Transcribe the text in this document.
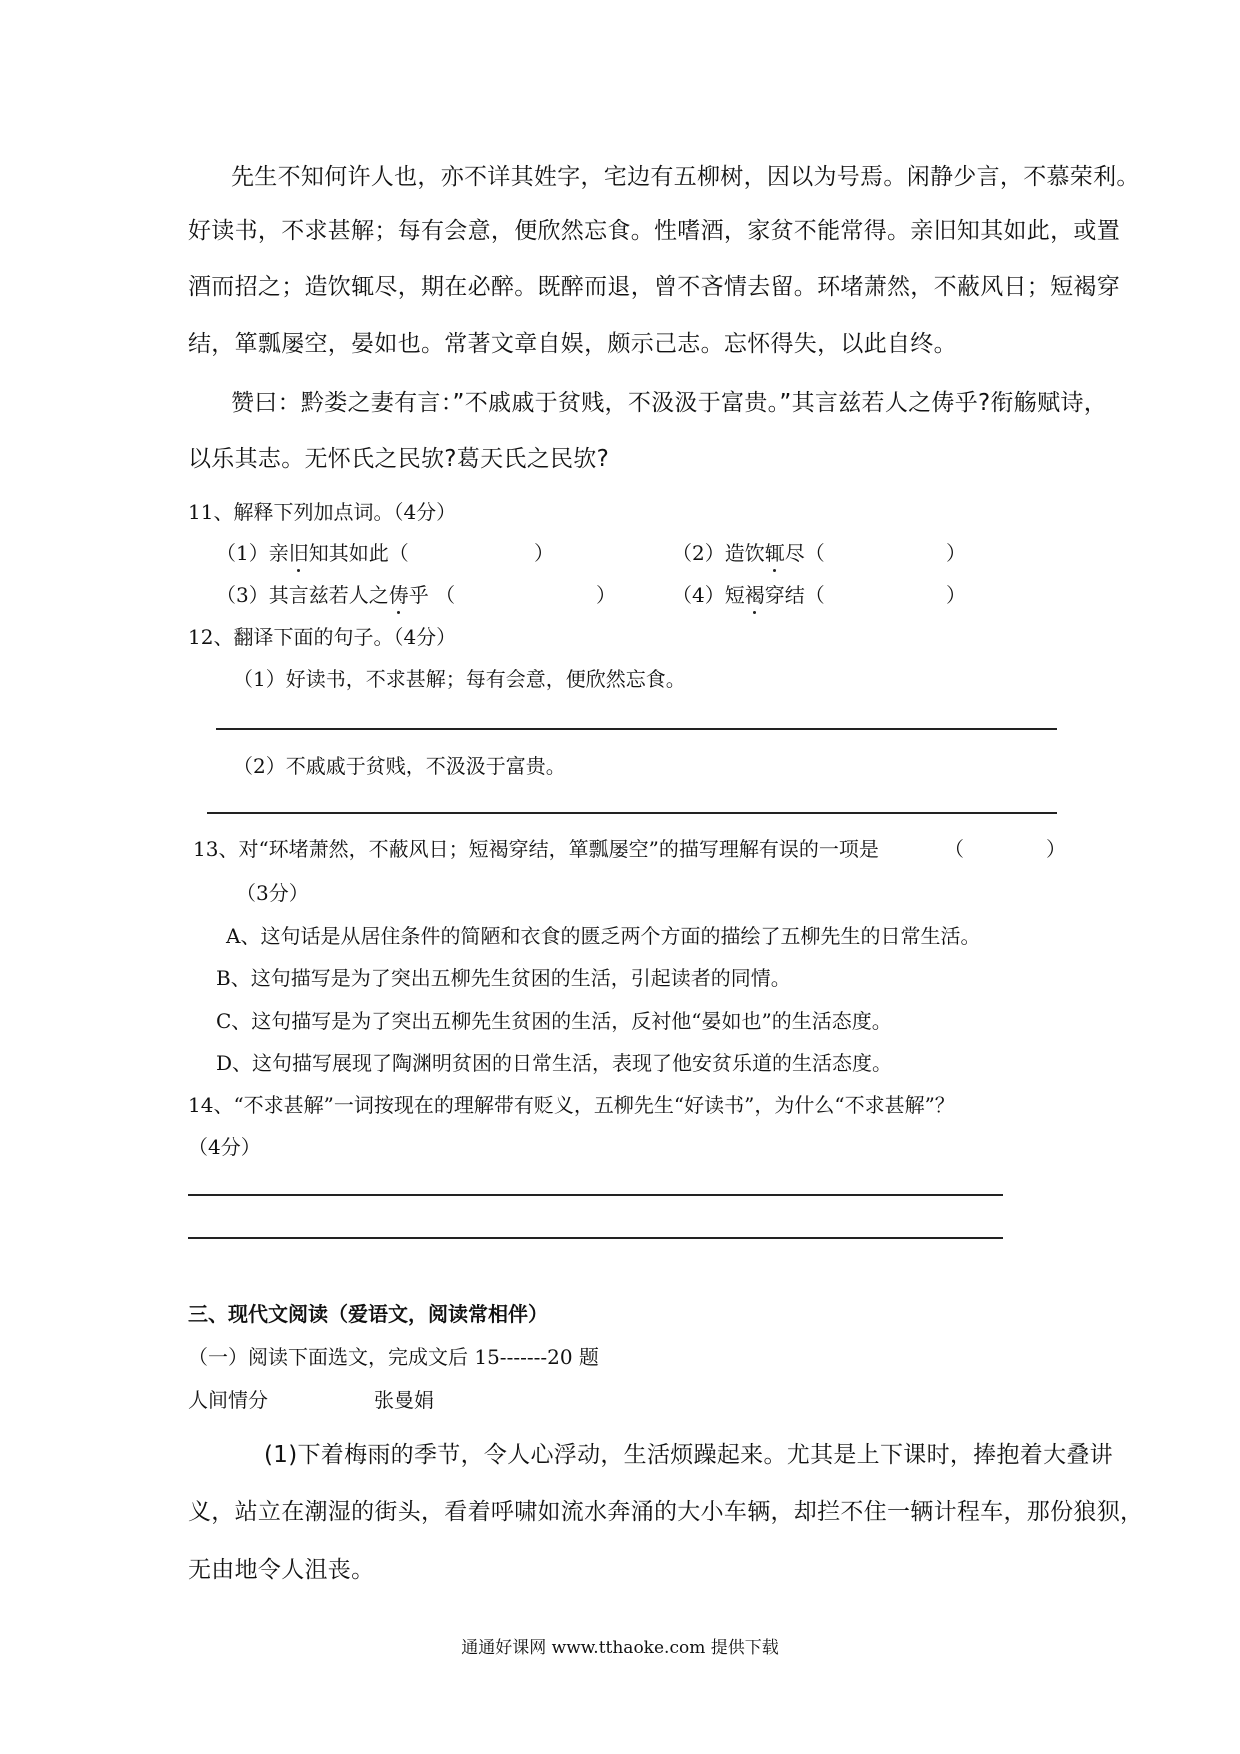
先生不知何许人也，亦不详其姓字，宅边有五柳树，因以为号焉。闲静少言，不慕荣利。
好读书，不求甚解；每有会意，便欣然忘食。性嗜酒，家贫不能常得。亲旧知其如此，或置
酒而招之；造饮辄尽，期在必醉。既醉而退，曾不吝情去留。环堵萧然，不蔽风日；短褐穿
结，箪瓢屡空，晏如也。常著文章自娱，颇示己志。忘怀得失，以此自终。
赞曰：黔娄之妻有言：”不戚戚于贫贱，不汲汲于富贵。”其言兹若人之俦乎?衔觞赋诗，
以乐其志。无怀氏之民欤?葛天氏之民欤?
11、解释下列加点词。（4分）
（1）亲旧知其如此（	）	（2）造饮辄尽（	）
（3）其言兹若人之俦乎 （	）	（4）短褐穿结（	）
12、翻译下面的句子。（4分）
（1）好读书，不求甚解；每有会意，便欣然忘食。
（2）不戚戚于贫贱，不汲汲于富贵。
13、对“环堵萧然，不蔽风日；短褐穿结，箪瓢屡空”的描写理解有误的一项是	（	）
（3分）
A、这句话是从居住条件的简陋和衣食的匮乏两个方面的描绘了五柳先生的日常生活。
B、这句描写是为了突出五柳先生贫困的生活，引起读者的同情。
C、这句描写是为了突出五柳先生贫困的生活，反衬他“晏如也”的生活态度。
D、这句描写展现了陶渊明贫困的日常生活，表现了他安贫乐道的生活态度。
14、“不求甚解”一词按现在的理解带有贬义，五柳先生“好读书”，为什么“不求甚解”？
（4分）
三、现代文阅读（爱语文，阅读常相伴）
（一）阅读下面选文，完成文后 15-------20 题
人间情分	张曼娟
(1)下着梅雨的季节，令人心浮动，生活烦躁起来。尤其是上下课时，捧抱着大叠讲
义，站立在潮湿的街头，看着呼啸如流水奔涌的大小车辆，却拦不住一辆计程车，那份狼狈，
无由地令人沮丧。
通通好课网 www.tthaoke.com 提供下载
